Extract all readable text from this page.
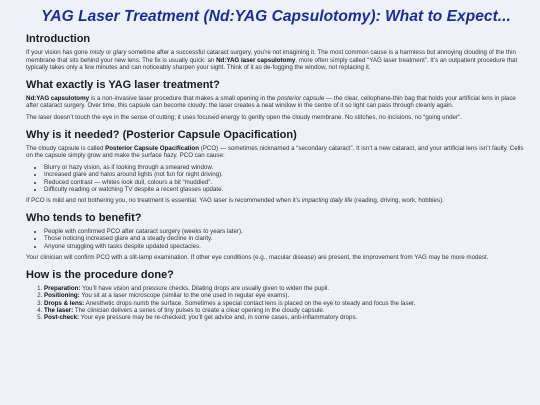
YAG Laser Treatment (Nd:YAG Capsulotomy): What to Expect...
Introduction

If your vision has gone misty or glary sometime after a successful cataract surgery, you’re not imagining it. The most common cause is a harmless but annoying clouding of the thin membrane that sits behind your new lens. The fix is usually quick: an Nd:YAG laser capsulotomy, more often simply called “YAG laser treatment”. It’s an outpatient procedure that typically takes only a few minutes and can noticeably sharpen your sight. Think of it as de-fogging the window, not replacing it.

What exactly is YAG laser treatment?

Nd:YAG capsulotomy is a non-invasive laser procedure that makes a small opening in the posterior capsule — the clear, cellophane-thin bag that holds your artificial lens in place after cataract surgery. Over time, this capsule can become cloudy; the laser creates a neat window in the centre of it so light can pass through cleanly again.

The laser doesn’t touch the eye in the sense of cutting; it uses focused energy to gently open the cloudy membrane. No stitches, no incisions, no “going under”.

Why is it needed? (Posterior Capsule Opacification)

The cloudy capsule is called Posterior Capsule Opacification (PCO) — sometimes nicknamed a “secondary cataract”. It isn’t a new cataract, and your artificial lens isn’t faulty. Cells on the capsule simply grow and make the surface hazy. PCO can cause:

• Blurry or hazy vision, as if looking through a smeared window.
• Increased glare and halos around lights (not fun for night driving).
• Reduced contrast — whites look dull, colours a bit “muddied”.
• Difficulty reading or watching TV despite a recent glasses update.

If PCO is mild and not bothering you, no treatment is essential. YAG laser is recommended when it’s impacting daily life (reading, driving, work, hobbies).

Who tends to benefit?
• People with confirmed PCO after cataract surgery (weeks to years later).
• Those noticing increased glare and a steady decline in clarity.
• Anyone struggling with tasks despite updated spectacles.

Your clinician will confirm PCO with a slit-lamp examination. If other eye conditions (e.g., macular disease) are present, the improvement from YAG may be more modest.

How is the procedure done?
1. Preparation: You’ll have vision and pressure checks. Dilating drops are usually given to widen the pupil.
2. Positioning: You sit at a laser microscope (similar to the one used in regular eye exams).
3. Drops & lens: Anesthetic drops numb the surface. Sometimes a special contact lens is placed on the eye to steady and focus the laser.
4. The laser: The clinician delivers a series of tiny pulses to create a clear opening in the cloudy capsule.
5. Post-check: Your eye pressure may be re-checked; you’ll get advice and, in some cases, anti-inflammatory drops.
